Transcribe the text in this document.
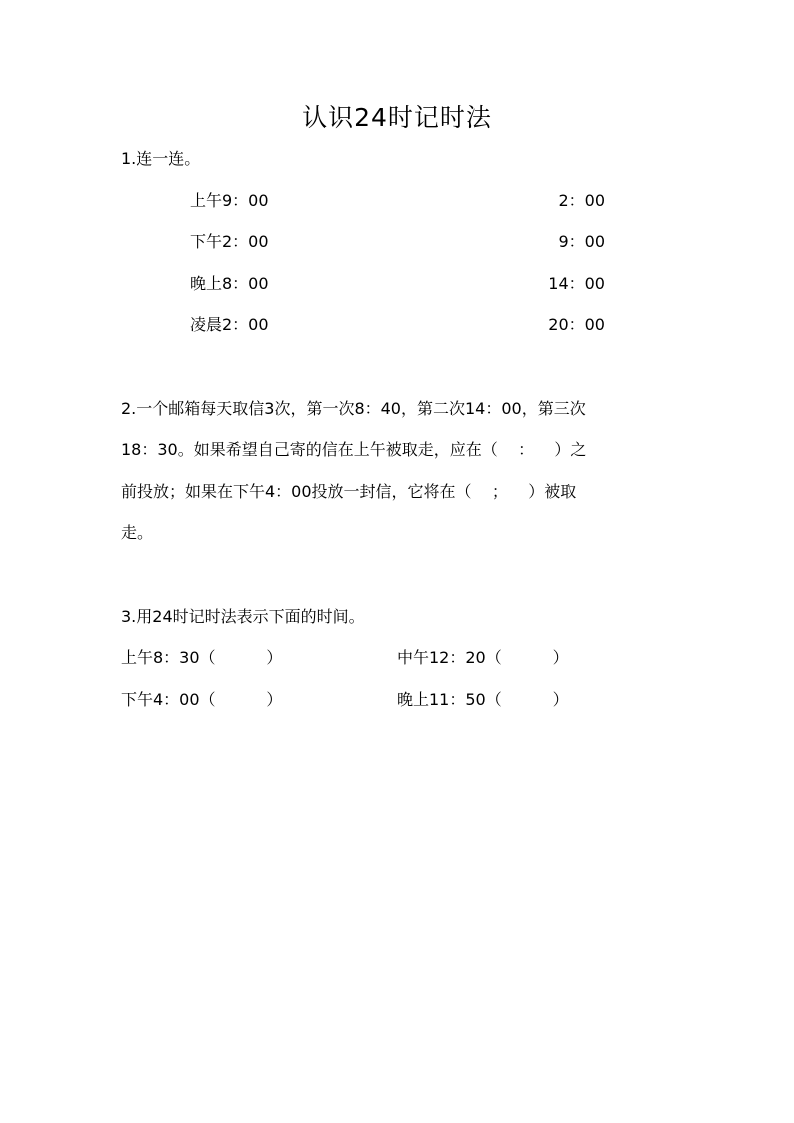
认识24时记时法
1.连一连。
上午9：00
下午2：00
晚上8：00
凌晨2：00
2：00
9：00
14：00
20：00
2.一个邮箱每天取信3次，第一次8：40，第二次14：00，第三次
18：30。如果希望自己寄的信在上午被取走，应在（    ：    ）之
前投放；如果在下午4：00投放一封信，它将在（    ；    ）被取
走。
3.用24时记时法表示下面的时间。
上午8：30（          ）	中午12：20（          ）
下午4：00（          ）	晚上11：50（          ）
